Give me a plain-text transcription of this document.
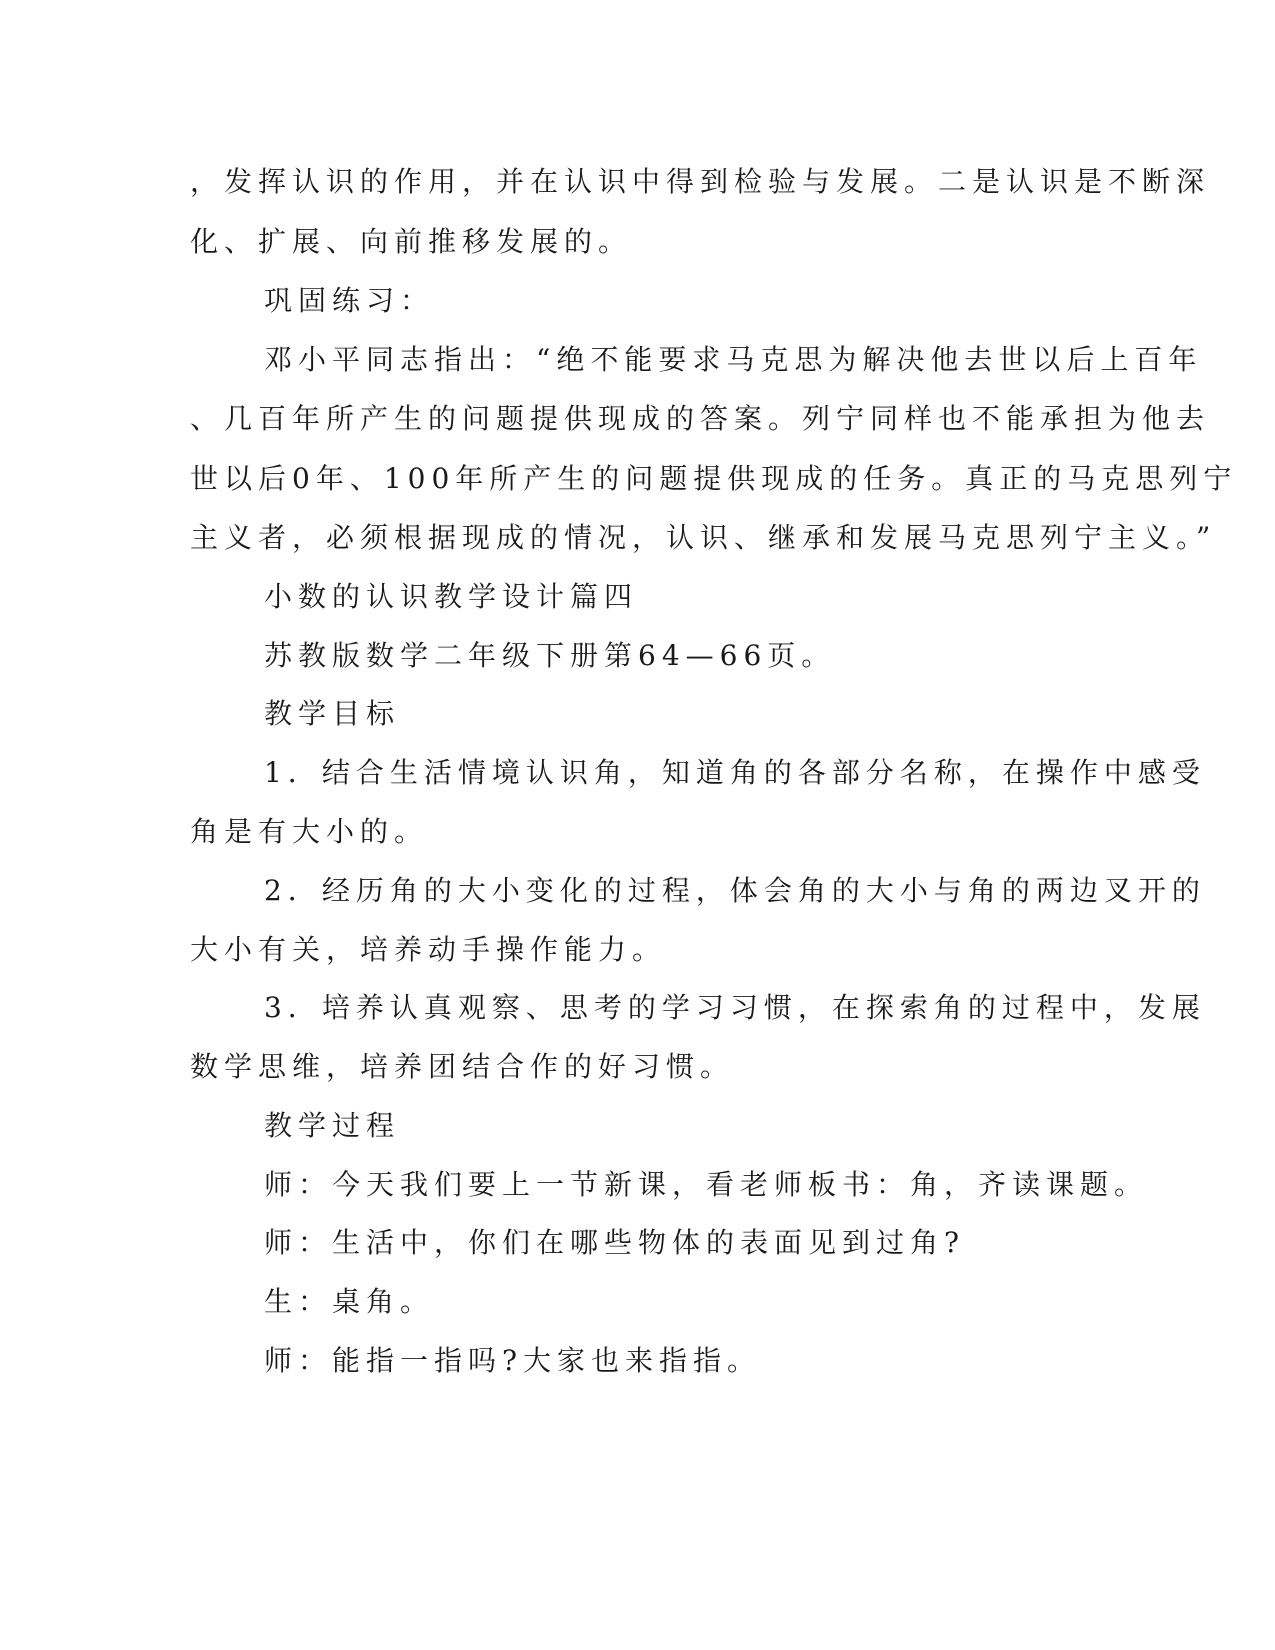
，发挥认识的作用，并在认识中得到检验与发展。二是认识是不断深
化、扩展、向前推移发展的。
巩固练习：
邓小平同志指出：“绝不能要求马克思为解决他去世以后上百年
、几百年所产生的问题提供现成的答案。列宁同样也不能承担为他去
世以后0年、100年所产生的问题提供现成的任务。真正的马克思列宁
主义者，必须根据现成的情况，认识、继承和发展马克思列宁主义。”
小数的认识教学设计篇四
苏教版数学二年级下册第64—66页。
教学目标
1．结合生活情境认识角，知道角的各部分名称，在操作中感受
角是有大小的。
2．经历角的大小变化的过程，体会角的大小与角的两边叉开的
大小有关，培养动手操作能力。
3．培养认真观察、思考的学习习惯，在探索角的过程中，发展
数学思维，培养团结合作的好习惯。
教学过程
师：今天我们要上一节新课，看老师板书：角，齐读课题。
师：生活中，你们在哪些物体的表面见到过角?
生：桌角。
师：能指一指吗?大家也来指指。
